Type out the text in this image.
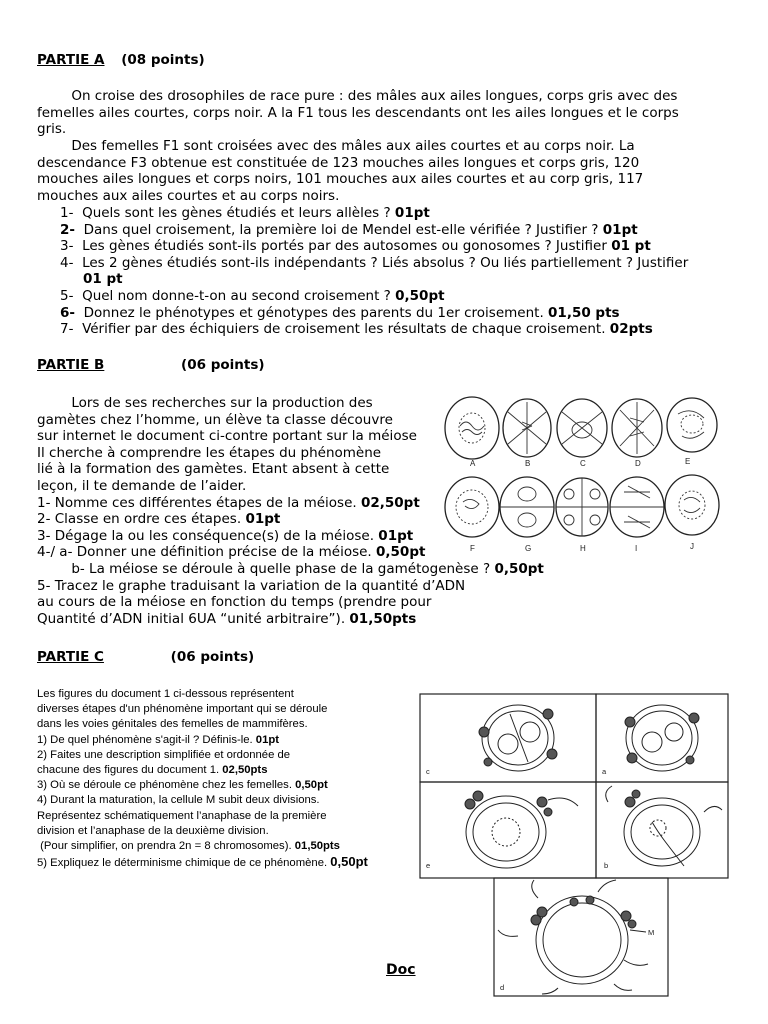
PARTIE A (08 points)
On croise des drosophiles de race pure : des mâles aux ailes longues, corps gris avec des
femelles ailes courtes, corps noir. A la F1 tous les descendants ont les ailes longues et le corps
gris.
Des femelles F1 sont croisées avec des mâles aux ailes courtes et au corps noir. La
descendance F3 obtenue est constituée de 123 mouches ailes longues et corps gris, 120
mouches ailes longues et corps noirs, 101 mouches aux ailes courtes et au corp gris, 117
mouches aux ailes courtes et au corps noirs.
1- Quels sont les gènes étudiés et leurs allèles ? 01pt
2- Dans quel croisement, la première loi de Mendel est-elle vérifiée ? Justifier ? 01pt
3- Les gènes étudiés sont-ils portés par des autosomes ou gonosomes ? Justifier 01 pt
4- Les 2 gènes étudiés sont-ils indépendants ? Liés absolus ? Ou liés partiellement ? Justifier
01 pt
5- Quel nom donne-t-on au second croisement ? 0,50pt
6- Donnez le phénotypes et génotypes des parents du 1er croisement. 01,50 pts
7- Vérifier par des échiquiers de croisement les résultats de chaque croisement. 02pts
PARTIE B	(06 points)
Lors de ses recherches sur la production des
gamètes chez l’homme, un élève ta classe découvre
sur internet le document ci-contre portant sur la méiose
Il cherche à comprendre les étapes du phénomène
lié à la formation des gamètes. Etant absent à cette
leçon, il te demande de l’aider.
1- Nomme ces différentes étapes de la méiose. 02,50pt
2- Classe en ordre ces étapes. 01pt
3- Dégage la ou les conséquence(s) de la méiose. 01pt
4-/ a- Donner une définition précise de la méiose. 0,50pt
b- La méiose se déroule à quelle phase de la gamétogenèse ? 0,50pt
5- Tracez le graphe traduisant la variation de la quantité d’ADN
au cours de la méiose en fonction du temps (prendre pour
Quantité d’ADN initial 6UA “unité arbitraire”). 01,50pts
A	B	C	D	E
F	G	H	I	J
PARTIE C	(06 points)
Les figures du document 1 ci-dessous représentent
diverses étapes d'un phénomène important qui se déroule
dans les voies génitales des femelles de mammifères.
1) De quel phénomène s'agit-il ? Définis-le. 01pt
2) Faites une description simplifiée et ordonnée de
chacune des figures du document 1. 02,50pts
3) Où se déroule ce phénomène chez les femelles. 0,50pt
4) Durant la maturation, la cellule M subit deux divisions.
Représentez schématiquement l’anaphase de la première
division et l’anaphase de la deuxième division.
(Pour simplifier, on prendra 2n = 8 chromosomes). 01,50pts
5) Expliquez le déterminisme chimique de ce phénomène. 0,50pt
c	a
e	b
d
M
Doc
